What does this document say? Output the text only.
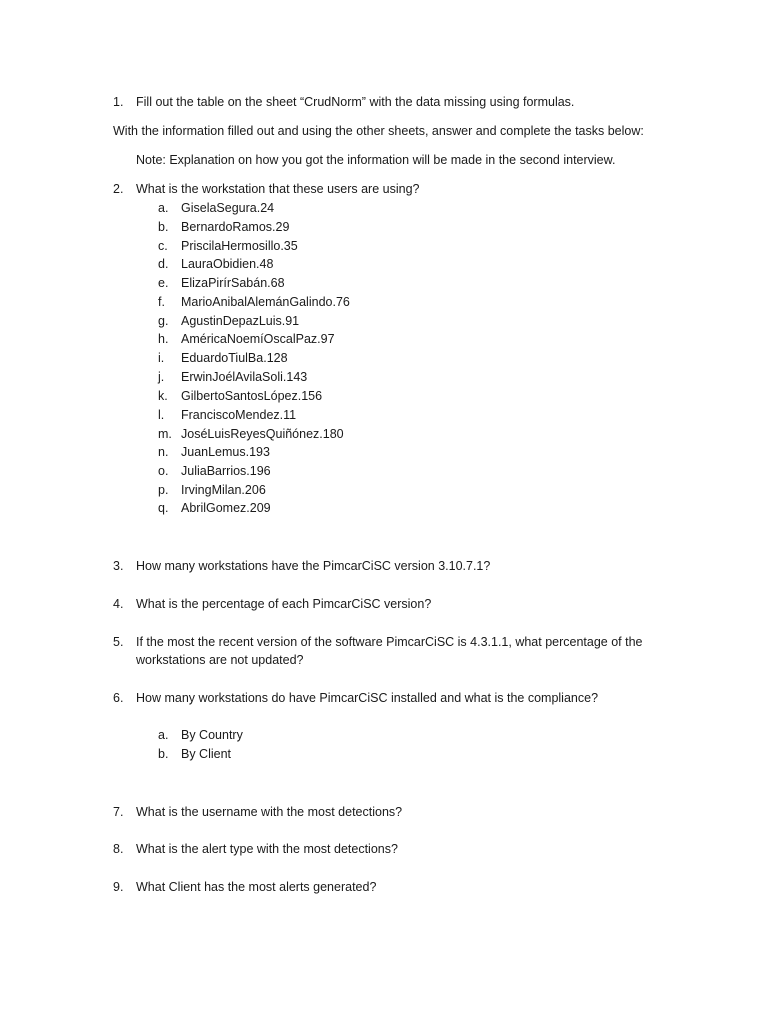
1. Fill out the table on the sheet “CrudNorm” with the data missing using formulas.
With the information filled out and using the other sheets, answer and complete the tasks below:
Note: Explanation on how you got the information will be made in the second interview.
2. What is the workstation that these users are using?
a. GiselaSegura.24
b. BernardoRamos.29
c. PriscilaHermosillo.35
d. LauraObidien.48
e. ElizaPirírSabán.68
f. MarioAnibalAlemánGalindo.76
g. AgustinDepazLuis.91
h. AméricaNoemíOscalPaz.97
i. EduardoTiulBa.128
j. ErwinJoélAvilaSoli.143
k. GilbertoSantosLópez.156
l. FranciscoMendez.11
m. JoséLuisReyesQuiñónez.180
n. JuanLemus.193
o. JuliaBarrios.196
p. IrvingMilan.206
q. AbrilGomez.209
3. How many workstations have the PimcarCiSC version 3.10.7.1?
4. What is the percentage of each PimcarCiSC version?
5. If the most the recent version of the software PimcarCiSC is 4.3.1.1, what percentage of the
workstations are not updated?
6. How many workstations do have PimcarCiSC installed and what is the compliance?
a. By Country
b. By Client
7. What is the username with the most detections?
8. What is the alert type with the most detections?
9. What Client has the most alerts generated?
